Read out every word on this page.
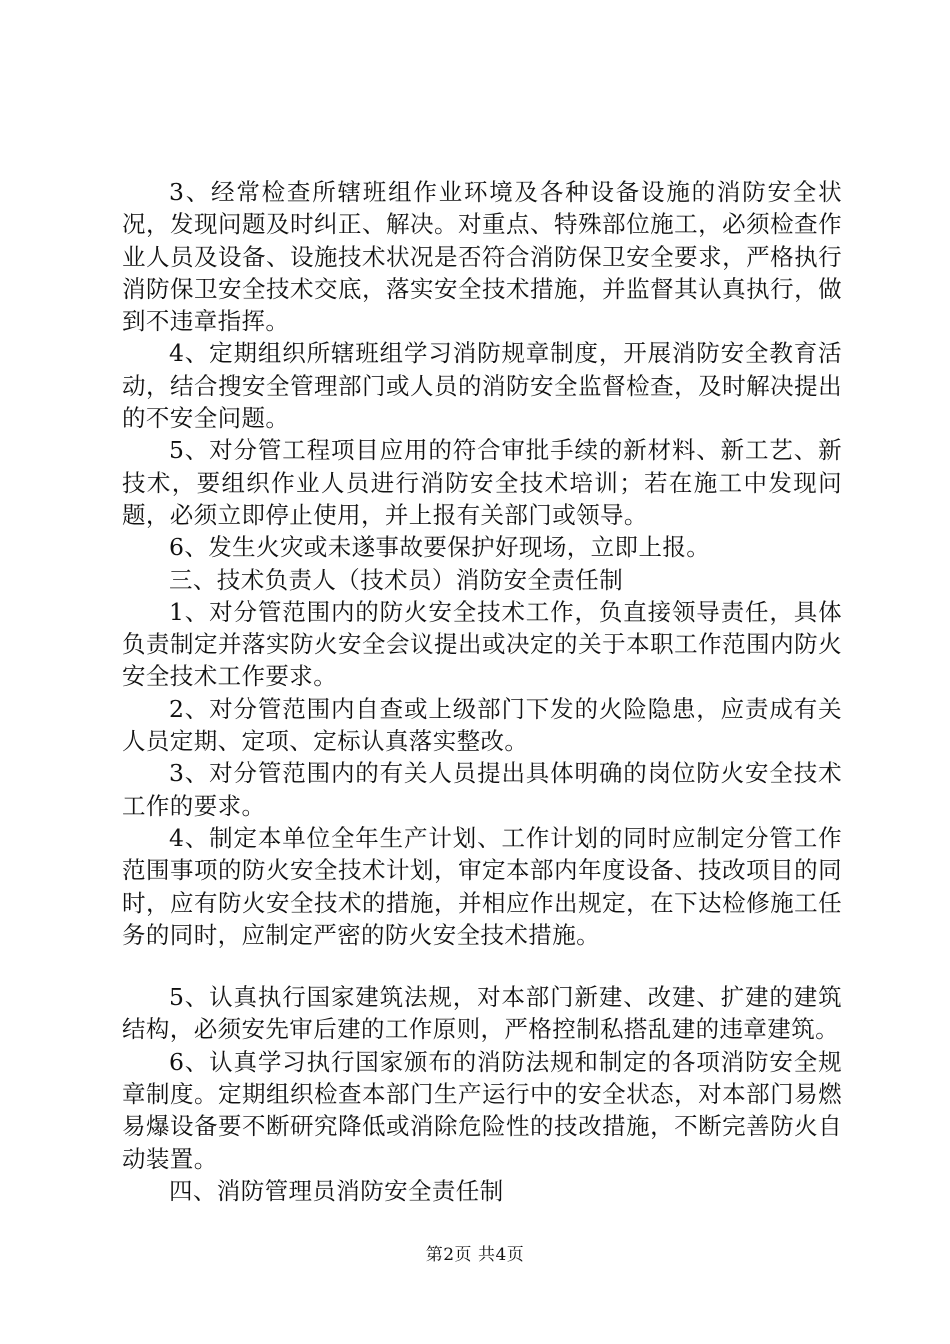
3、经常检查所辖班组作业环境及各种设备设施的消防安全状况，发现问题及时纠正、解决。对重点、特殊部位施工，必须检查作业人员及设备、设施技术状况是否符合消防保卫安全要求，严格执行消防保卫安全技术交底，落实安全技术措施，并监督其认真执行，做到不违章指挥。

4、定期组织所辖班组学习消防规章制度，开展消防安全教育活动，结合搜安全管理部门或人员的消防安全监督检查，及时解决提出的不安全问题。

5、对分管工程项目应用的符合审批手续的新材料、新工艺、新技术，要组织作业人员进行消防安全技术培训；若在施工中发现问题，必须立即停止使用，并上报有关部门或领导。

6、发生火灾或未遂事故要保护好现场，立即上报。

三、技术负责人（技术员）消防安全责任制

1、对分管范围内的防火安全技术工作，负直接领导责任，具体负责制定并落实防火安全会议提出或决定的关于本职工作范围内防火安全技术工作要求。

2、对分管范围内自查或上级部门下发的火险隐患，应责成有关人员定期、定项、定标认真落实整改。

3、对分管范围内的有关人员提出具体明确的岗位防火安全技术工作的要求。

4、制定本单位全年生产计划、工作计划的同时应制定分管工作范围事项的防火安全技术计划，审定本部内年度设备、技改项目的同时，应有防火安全技术的措施，并相应作出规定，在下达检修施工任务的同时，应制定严密的防火安全技术措施。

5、认真执行国家建筑法规，对本部门新建、改建、扩建的建筑结构，必须安先审后建的工作原则，严格控制私搭乱建的违章建筑。

6、认真学习执行国家颁布的消防法规和制定的各项消防安全规章制度。定期组织检查本部门生产运行中的安全状态，对本部门易燃易爆设备要不断研究降低或消除危险性的技改措施，不断完善防火自动装置。

四、消防管理员消防安全责任制

第2页 共4页
